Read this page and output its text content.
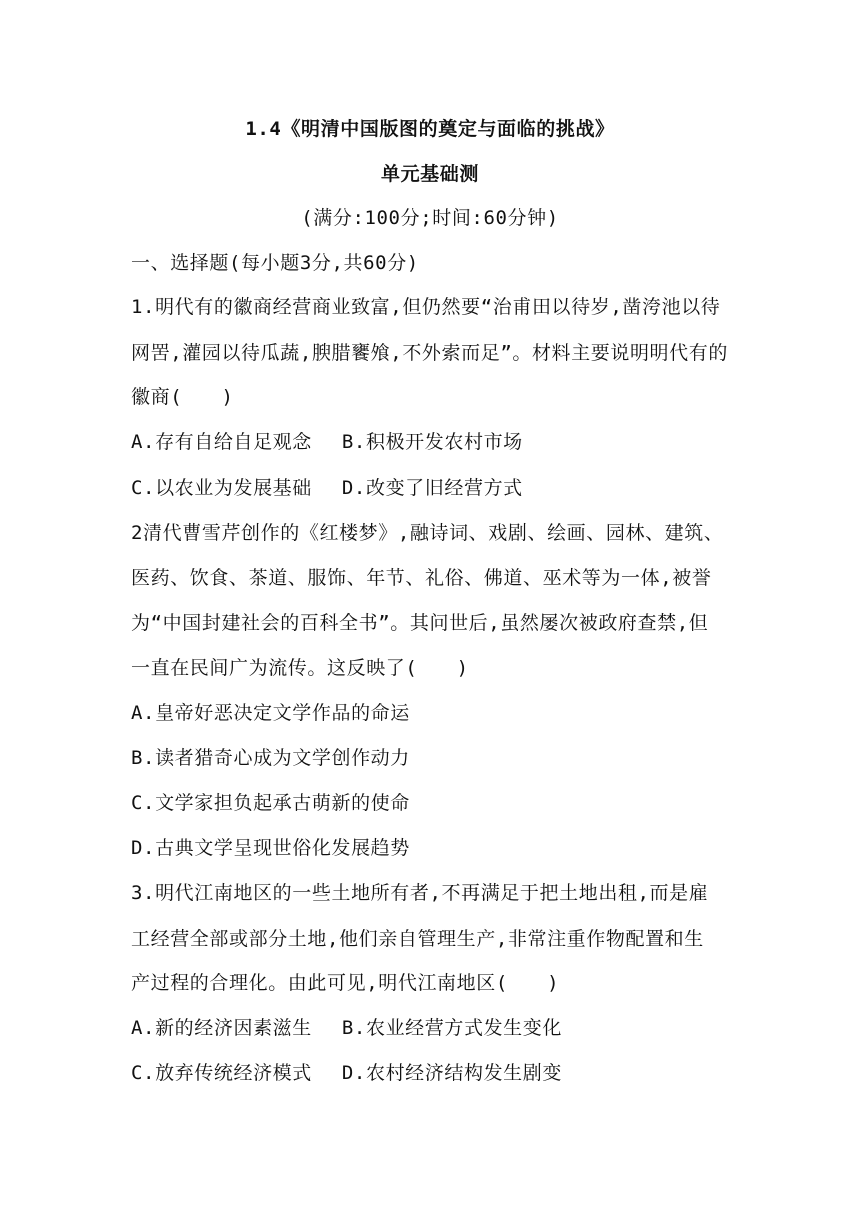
1.4《明清中国版图的奠定与面临的挑战》
单元基础测
(满分:100分;时间:60分钟)
一、选择题(每小题3分,共60分)
1.明代有的徽商经营商业致富,但仍然要“治甫田以待岁,凿洿池以待
网罟,灌园以待瓜蔬,腴腊饔飧,不外索而足”。材料主要说明明代有的
徽商(　　)
A.存有自给自足观念 B.积极开发农村市场
C.以农业为发展基础 D.改变了旧经营方式
2清代曹雪芹创作的《红楼梦》,融诗词、戏剧、绘画、园林、建筑、
医药、饮食、茶道、服饰、年节、礼俗、佛道、巫术等为一体,被誉
为“中国封建社会的百科全书”。其问世后,虽然屡次被政府查禁,但
一直在民间广为流传。这反映了(　　)
A.皇帝好恶决定文学作品的命运
B.读者猎奇心成为文学创作动力
C.文学家担负起承古萌新的使命
D.古典文学呈现世俗化发展趋势
3.明代江南地区的一些土地所有者,不再满足于把土地出租,而是雇
工经营全部或部分土地,他们亲自管理生产,非常注重作物配置和生
产过程的合理化。由此可见,明代江南地区(　　)
A.新的经济因素滋生 B.农业经营方式发生变化
C.放弃传统经济模式 D.农村经济结构发生剧变
